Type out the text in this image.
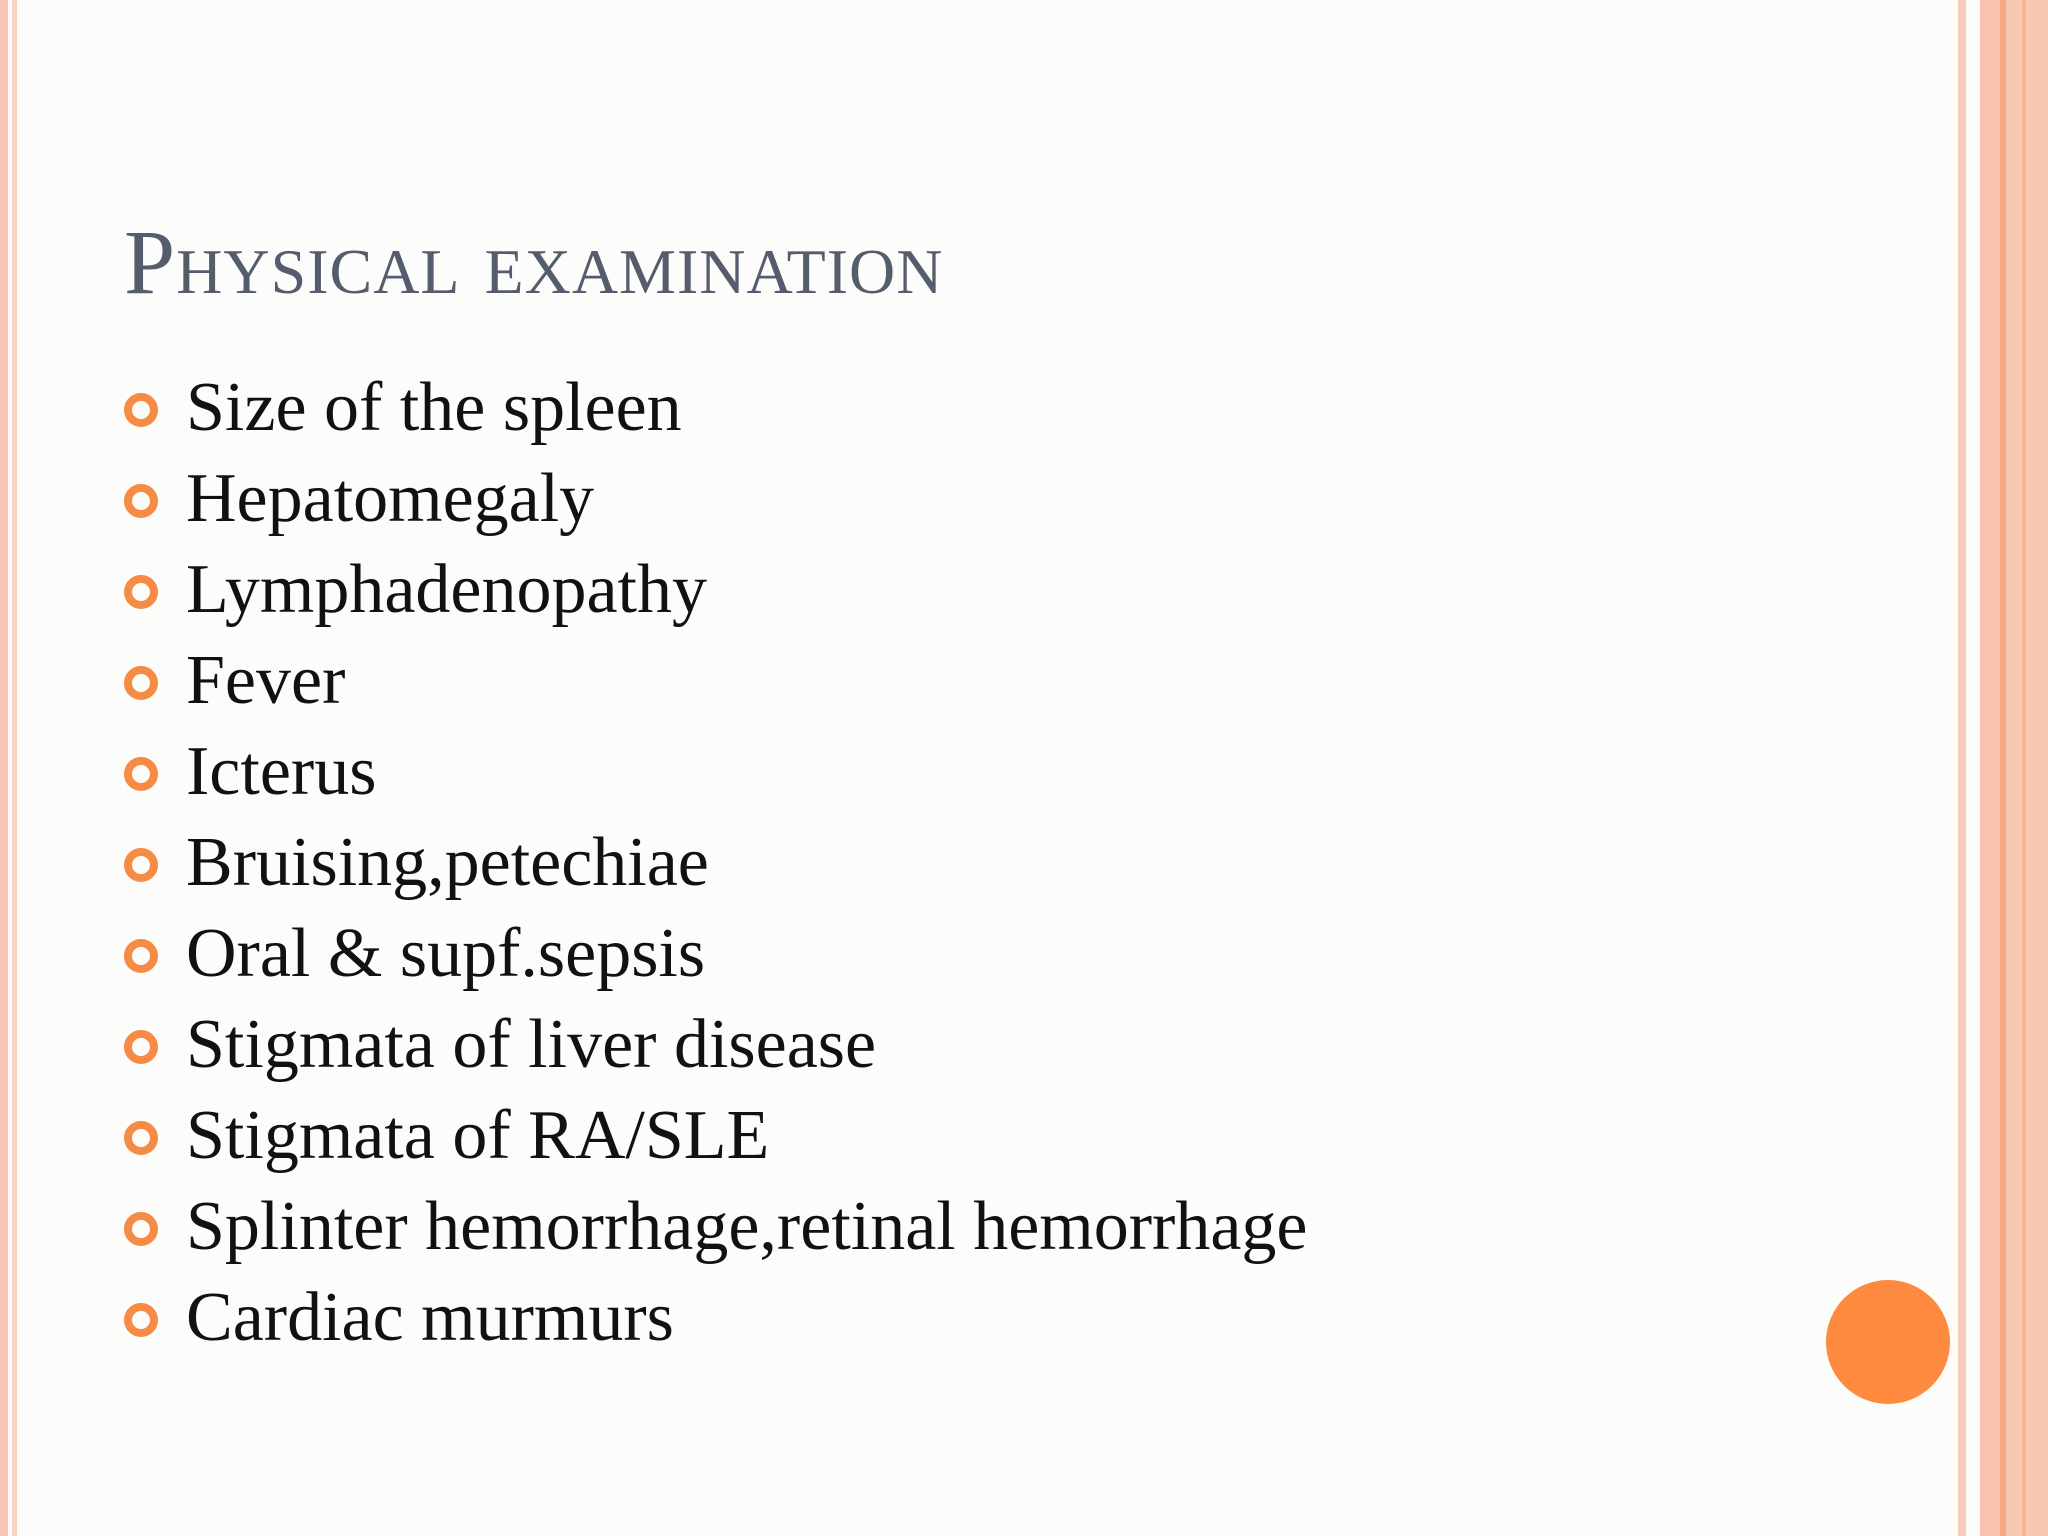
Physical examination
Size of the spleen
Hepatomegaly
Lymphadenopathy
Fever
Icterus
Bruising,petechiae
Oral & supf.sepsis
Stigmata of liver disease
Stigmata of RA/SLE
Splinter hemorrhage,retinal hemorrhage
Cardiac murmurs
